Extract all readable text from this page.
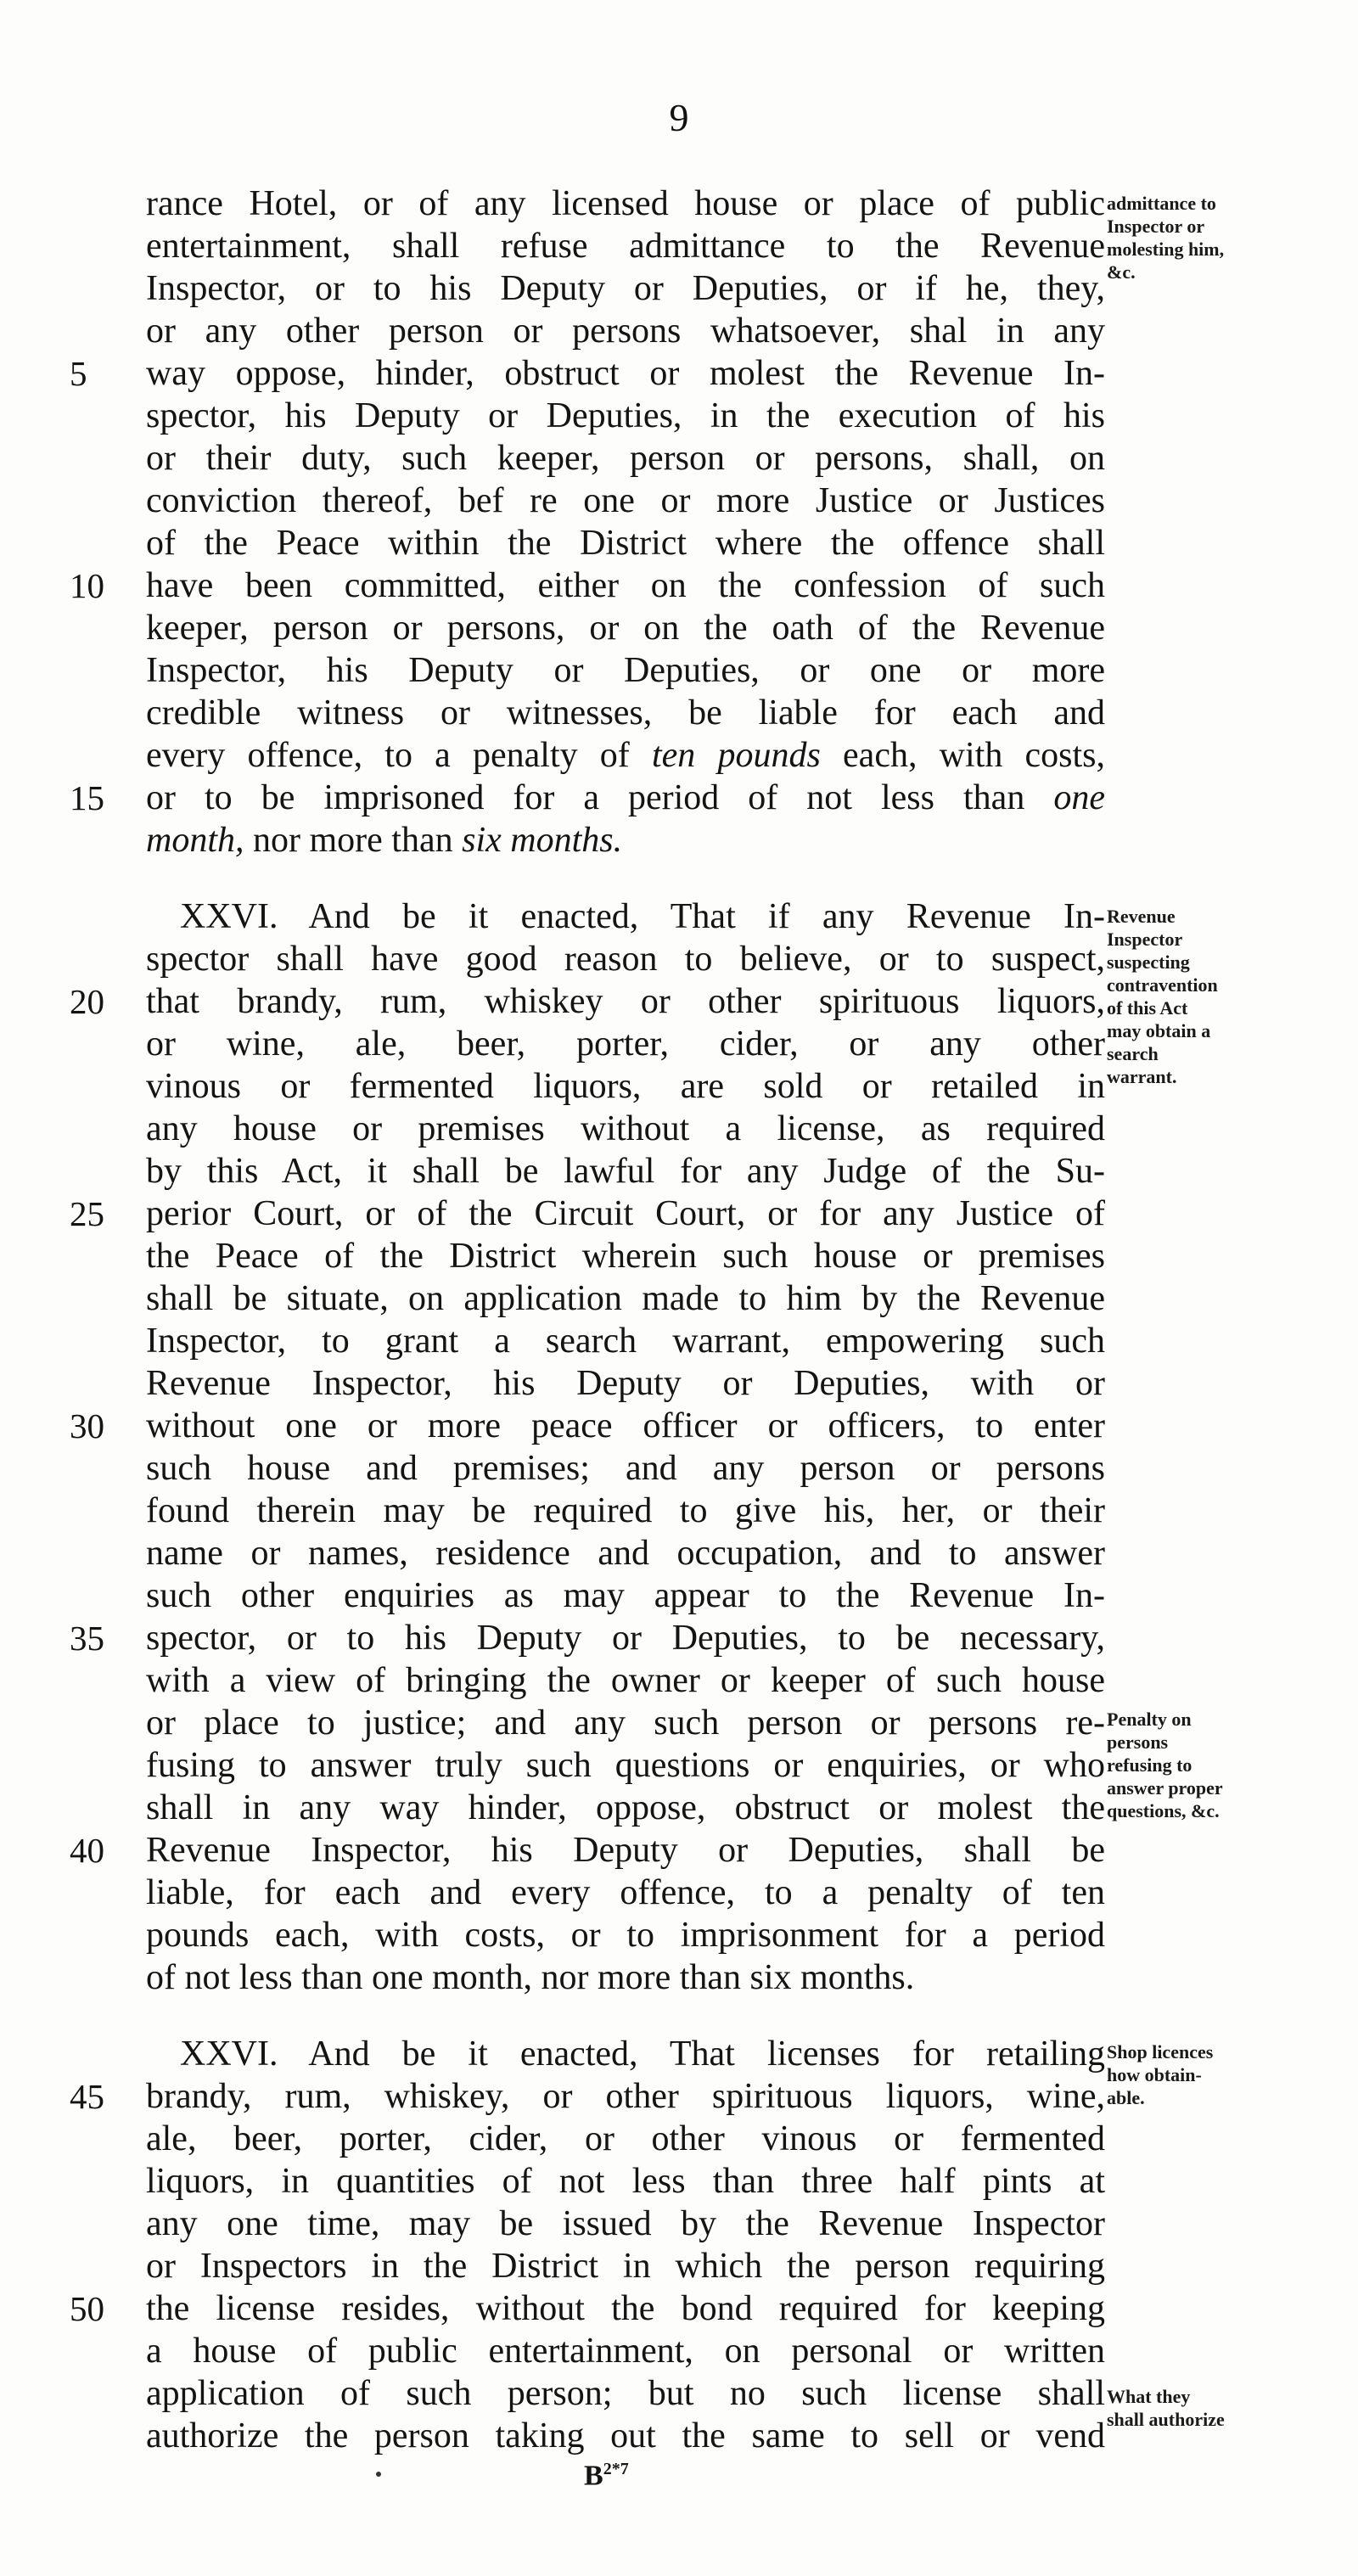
9
rance Hotel, or of any licensed house or place of public
entertainment, shall refuse admittance to the Revenue
Inspector, or to his Deputy or Deputies, or if he, they,
or any other person or persons whatsoever, shal in any
way oppose, hinder, obstruct or molest the Revenue In-
5
spector, his Deputy or Deputies, in the execution of his
or their duty, such keeper, person or persons, shall, on
conviction thereof, bef re one or more Justice or Justices
of the Peace within the District where the offence shall
have been committed, either on the confession of such
10
keeper, person or persons, or on the oath of the Revenue
Inspector, his Deputy or Deputies, or one or more
credible witness or witnesses, be liable for each and
every offence, to a penalty of ten pounds each, with costs,
or to be imprisoned for a period of not less than one
15
month, nor more than six months.
XXVI. And be it enacted, That if any Revenue In-
spector shall have good reason to believe, or to suspect,
that brandy, rum, whiskey or other spirituous liquors,
20
or wine, ale, beer, porter, cider, or any other
vinous or fermented liquors, are sold or retailed in
any house or premises without a license, as required
by this Act, it shall be lawful for any Judge of the Su-
perior Court, or of the Circuit Court, or for any Justice of
25
the Peace of the District wherein such house or premises
shall be situate, on application made to him by the Revenue
Inspector, to grant a search warrant, empowering such
Revenue Inspector, his Deputy or Deputies, with or
without one or more peace officer or officers, to enter
30
such house and premises; and any person or persons
found therein may be required to give his, her, or their
name or names, residence and occupation, and to answer
such other enquiries as may appear to the Revenue In-
spector, or to his Deputy or Deputies, to be necessary,
35
with a view of bringing the owner or keeper of such house
or place to justice; and any such person or persons re-
fusing to answer truly such questions or enquiries, or who
shall in any way hinder, oppose, obstruct or molest the
Revenue Inspector, his Deputy or Deputies, shall be
40
liable, for each and every offence, to a penalty of ten
pounds each, with costs, or to imprisonment for a period
of not less than one month, nor more than six months.
XXVI. And be it enacted, That licenses for retailing
brandy, rum, whiskey, or other spirituous liquors, wine,
45
ale, beer, porter, cider, or other vinous or fermented
liquors, in quantities of not less than three half pints at
any one time, may be issued by the Revenue Inspector
or Inspectors in the District in which the person requiring
the license resides, without the bond required for keeping
50
a house of public entertainment, on personal or written
application of such person; but no such license shall
authorize the person taking out the same to sell or vend
admittance to
Inspector or
molesting him,
&c.
Revenue
Inspector
suspecting
contravention
of this Act
may obtain a
search
warrant.
Penalty on
persons
refusing to
answer proper
questions, &c.
Shop licences
how obtain-
able.
What they
shall authorize
$B^{2*7}$
